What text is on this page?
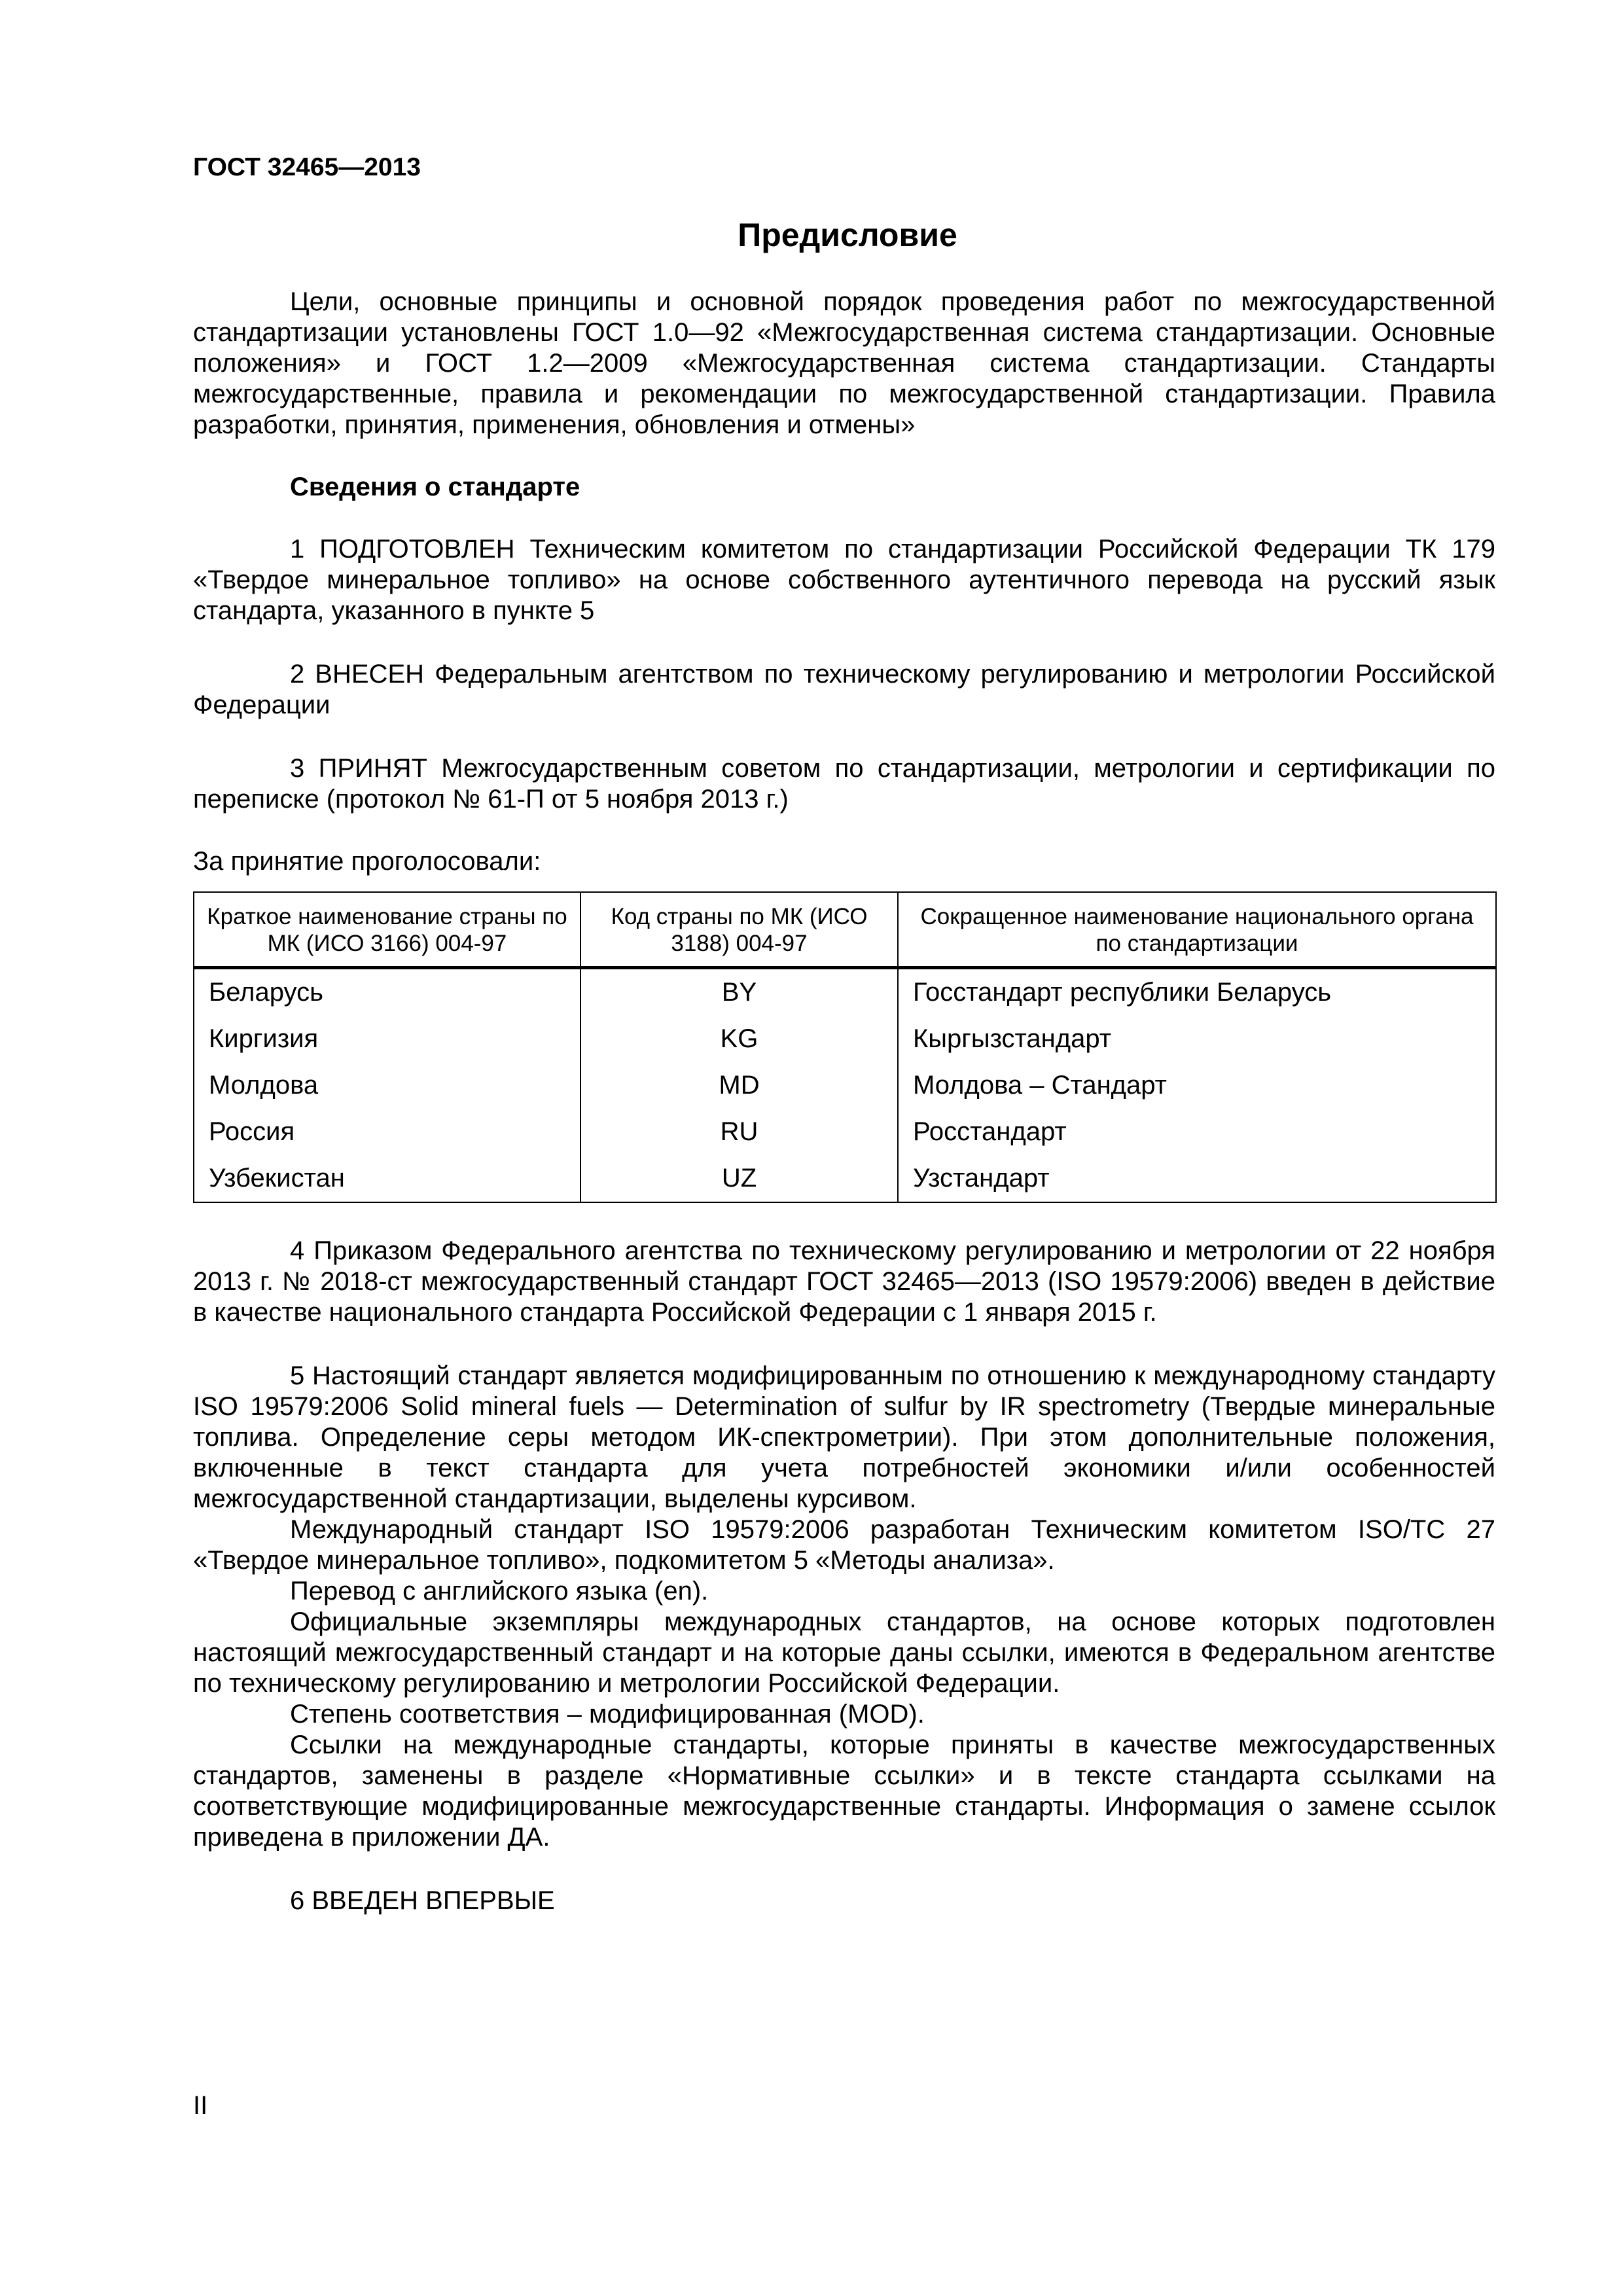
ГОСТ 32465—2013
Предисловие

Цели, основные принципы и основной порядок проведения работ по межгосударственной стандартизации установлены ГОСТ 1.0—92 «Межгосударственная система стандартизации. Основные положения» и ГОСТ 1.2—2009 «Межгосударственная система стандартизации. Стандарты межгосударственные, правила и рекомендации по межгосударственной стандартизации. Правила разработки, принятия, применения, обновления и отмены»

Сведения о стандарте

1 ПОДГОТОВЛЕН Техническим комитетом по стандартизации Российской Федерации ТК 179 «Твердое минеральное топливо» на основе собственного аутентичного перевода на русский язык стандарта, указанного в пункте 5

2 ВНЕСЕН Федеральным агентством по техническому регулированию и метрологии Российской Федерации

3 ПРИНЯТ Межгосударственным советом по стандартизации, метрологии и сертификации по переписке (протокол № 61-П от 5 ноября 2013 г.)

За принятие проголосовали:

Краткое наименование страны по МК (ИСО 3166) 004-97	Код страны по МК (ИСО 3188) 004-97	Сокращенное наименование национального органа по стандартизации
Беларусь	BY	Госстандарт республики Беларусь
Киргизия	KG	Кыргызстандарт
Молдова	MD	Молдова – Стандарт
Россия	RU	Росстандарт
Узбекистан	UZ	Узстандарт

4 Приказом Федерального агентства по техническому регулированию и метрологии от 22 ноября 2013 г. № 2018-ст межгосударственный стандарт ГОСТ 32465—2013 (ISO 19579:2006) введен в действие в качестве национального стандарта Российской Федерации с 1 января 2015 г.

5 Настоящий стандарт является модифицированным по отношению к международному стандарту ISO 19579:2006 Solid mineral fuels — Determination of sulfur by IR spectrometry (Твердые минеральные топлива. Определение серы методом ИК-спектрометрии). При этом дополнительные положения, включенные в текст стандарта для учета потребностей экономики и/или особенностей межгосударственной стандартизации, выделены курсивом.

Международный стандарт ISO 19579:2006 разработан Техническим комитетом ISO/TC 27 «Твердое минеральное топливо», подкомитетом 5 «Методы анализа».

Перевод с английского языка (en).

Официальные экземпляры международных стандартов, на основе которых подготовлен настоящий межгосударственный стандарт и на которые даны ссылки, имеются в Федеральном агентстве по техническому регулированию и метрологии Российской Федерации.

Степень соответствия – модифицированная (MOD).

Ссылки на международные стандарты, которые приняты в качестве межгосударственных стандартов, заменены в разделе «Нормативные ссылки» и в тексте стандарта ссылками на соответствующие модифицированные межгосударственные стандарты. Информация о замене ссылок приведена в приложении ДА.

6 ВВЕДЕН ВПЕРВЫЕ

II
